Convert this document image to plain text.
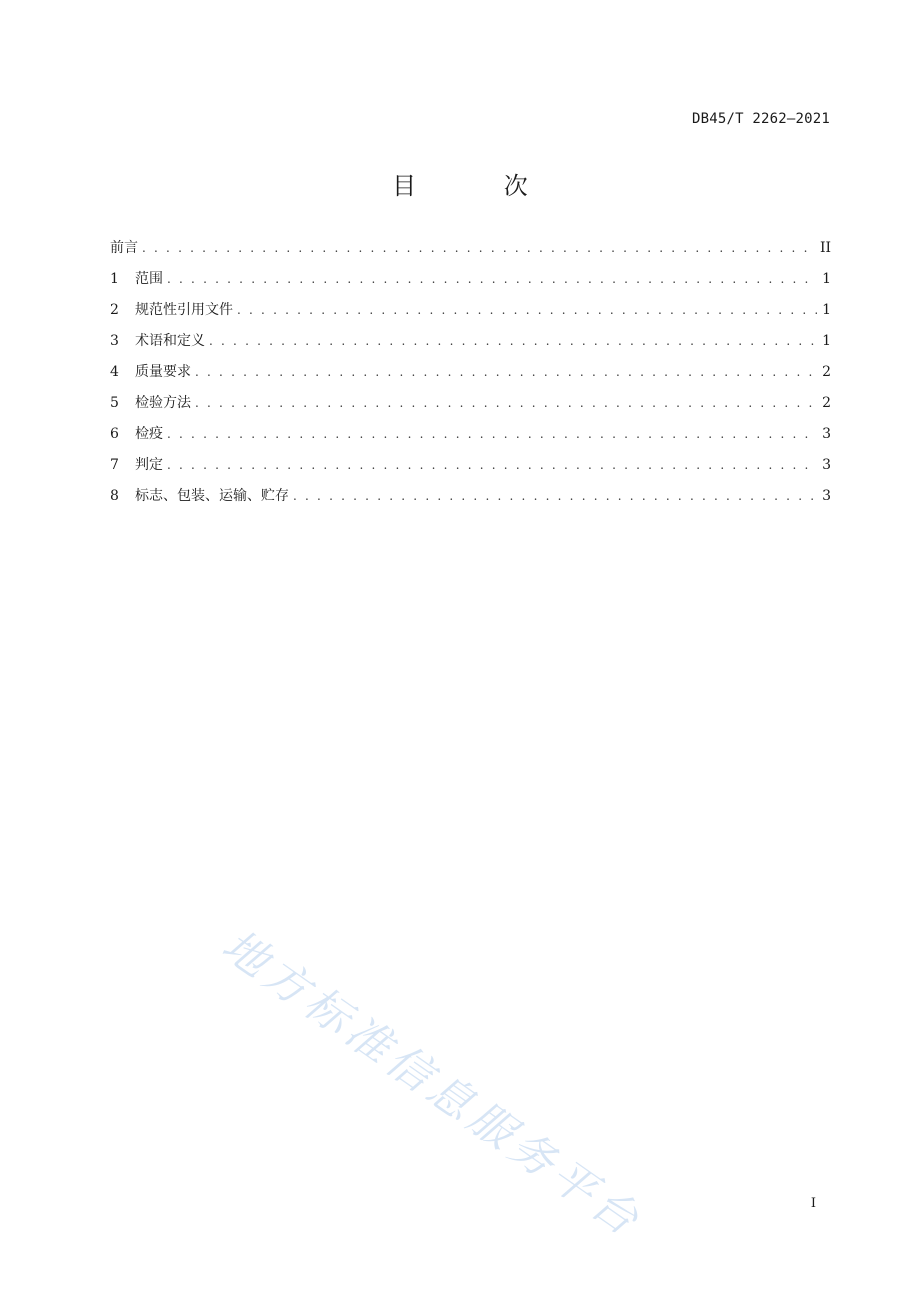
DB45/T 2262—2021
目 次
前言 . . .	II
1	范围 . . .	1
2	规范性引用文件 . . .	1
3	术语和定义 . . .	1
4	质量要求 . . .	2
5	检验方法 . . .	2
6	检疫 . . .	3
7	判定 . . .	3
8	标志、包装、运输、贮存 . . .	3
地方标准信息服务平台	I
